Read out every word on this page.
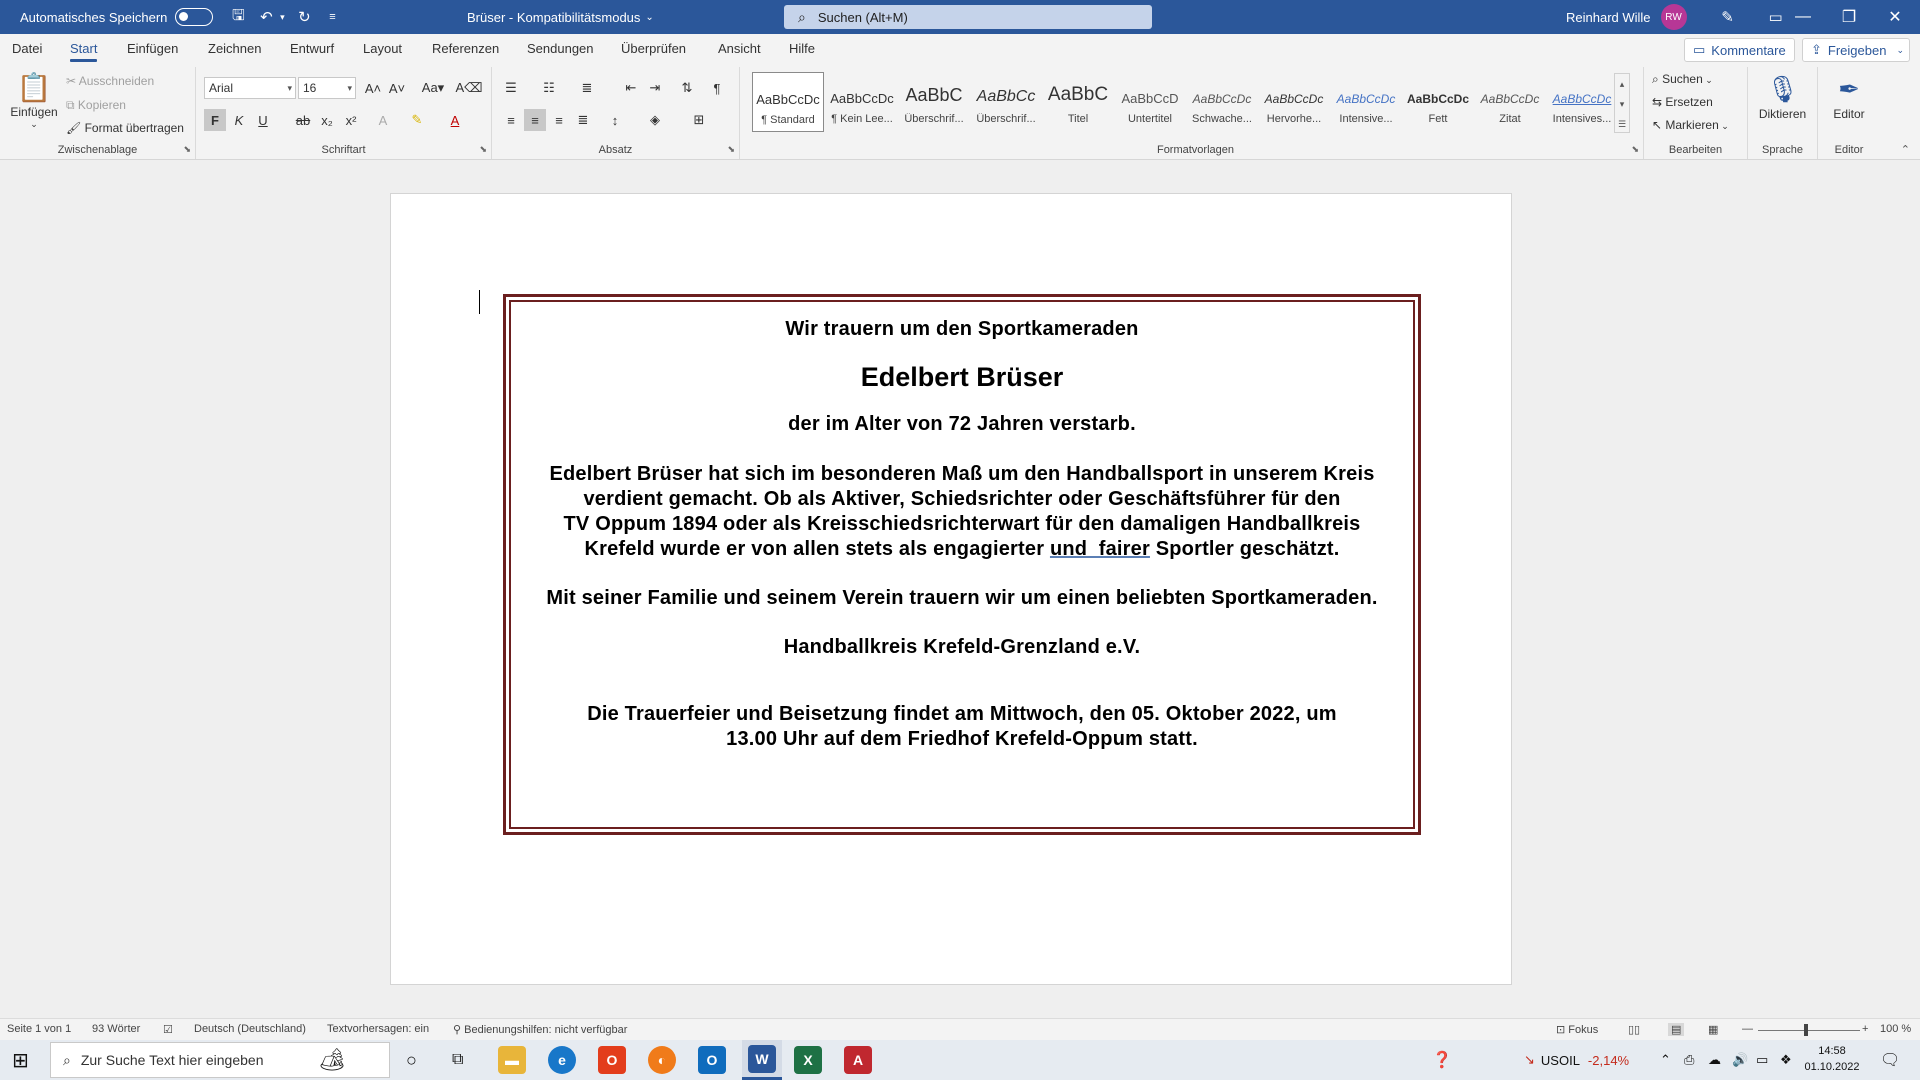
Automatisches Speichern	🖫	↶ ▾ ↻	≡	Brüser - Kompatibilitätsmodus ⌄	⌕ Suchen (Alt+M)	Reinhard Wille	RW	✎	▭ —	❐	✕
Datei Start Einfügen Zeichnen Entwurf Layout Referenzen Sendungen Überprüfen Ansicht Hilfe	▭ Kommentare ⇪ Freigeben ⌄
📋
Einfügen
⌄
✂ Ausschneiden
⧉ Kopieren
🖌 Format übertragen
Zwischenablage	⬊
Arial	▾ 16	▾ A˄ A˅ Aa▾ A⌫
F	K	U	ab x₂ x²	A	✎	A
Schriftart	⬊
☰	☷	≣	⇤	⇥	⇅	¶
≡	≡	≡	≣	↕	◈	⊞
Absatz	⬊
AaBbCcDc
¶ Standard
AaBbCcDc
¶ Kein Lee...
AaBbC
Überschrif...
AaBbCc
Überschrif...
AaBbC
Titel
AaBbCcD
Untertitel
AaBbCcDc
Schwache...
AaBbCcDc
Hervorhe...
AaBbCcDc
Intensive...
AaBbCcDc
Fett
AaBbCcDc
Zitat
AaBbCcDc
Intensives...
▴
▾
☰
Formatvorlagen	⬊
⌕ Suchen ⌄
⇆ Ersetzen
↖ Markieren ⌄
Bearbeiten
🎙
Diktieren
Sprache
✒
Editor
Editor	⌃
Wir trauern um den Sportkameraden
Edelbert Brüser
der im Alter von 72 Jahren verstarb.
Edelbert Brüser hat sich im besonderen Maß um den Handballsport in unserem Kreis
verdient gemacht. Ob als Aktiver, Schiedsrichter oder Geschäftsführer für den
TV Oppum 1894 oder als Kreisschiedsrichterwart für den damaligen Handballkreis
Krefeld wurde er von allen stets als engagierter und  fairer Sportler geschätzt.
Mit seiner Familie und seinem Verein trauern wir um einen beliebten Sportkameraden.
Handballkreis Krefeld-Grenzland e.V.
Die Trauerfeier und Beisetzung findet am Mittwoch, den 05. Oktober 2022, um
13.00 Uhr auf dem Friedhof Krefeld-Oppum statt.
Seite 1 von 1 93 Wörter ☑ Deutsch (Deutschland) Textvorhersagen: ein ⚲ Bedienungshilfen: nicht verfügbar	⊡ Fokus	▯▯	▤ ▦ —	+ 100 %
⊞ ⌕ Zur Suche Text hier eingeben 🏕	○ ⧉	▬	e	O	◐	O	W	X	A	❓	↘ USOIL -2,14% ⌃ ⎙ ☁ 🔊 ▭ ❖
14:58
01.10.2022 🗨
